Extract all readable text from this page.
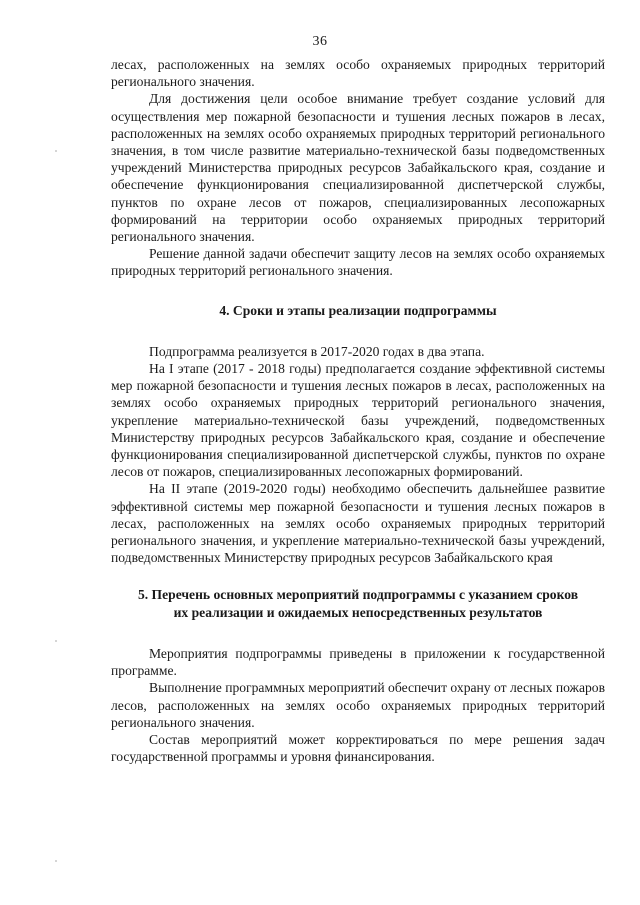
36

лесах, расположенных на землях особо охраняемых природных территорий регионального значения.

Для достижения цели особое внимание требует создание условий для осуществления мер пожарной безопасности и тушения лесных пожаров в лесах, расположенных на землях особо охраняемых природных территорий регионального значения, в том числе развитие материально-технической базы подведомственных учреждений Министерства природных ресурсов Забайкальского края, создание и обеспечение функционирования специализированной диспетчерской службы, пунктов по охране лесов от пожаров, специализированных лесопожарных формирований на территории особо охраняемых природных территорий регионального значения.

Решение данной задачи обеспечит защиту лесов на землях особо охраняемых природных территорий регионального значения.

4. Сроки и этапы реализации подпрограммы

Подпрограмма реализуется в 2017-2020 годах в два этапа.

На I этапе (2017 - 2018 годы) предполагается создание эффективной системы мер пожарной безопасности и тушения лесных пожаров в лесах, расположенных на землях особо охраняемых природных территорий регионального значения, укрепление материально-технической базы учреждений, подведомственных Министерству природных ресурсов Забайкальского края, создание и обеспечение функционирования специализированной диспетчерской службы, пунктов по охране лесов от пожаров, специализированных лесопожарных формирований.

На II этапе (2019-2020 годы) необходимо обеспечить дальнейшее развитие эффективной системы мер пожарной безопасности и тушения лесных пожаров в лесах, расположенных на землях особо охраняемых природных территорий регионального значения, и укрепление материально-технической базы учреждений, подведомственных Министерству природных ресурсов Забайкальского края

5. Перечень основных мероприятий подпрограммы с указанием сроков

их реализации и ожидаемых непосредственных результатов

Мероприятия подпрограммы приведены в приложении к государственной программе.

Выполнение программных мероприятий обеспечит охрану от лесных пожаров лесов, расположенных на землях особо охраняемых природных территорий регионального значения.

Состав мероприятий может корректироваться по мере решения задач государственной программы и уровня финансирования.
